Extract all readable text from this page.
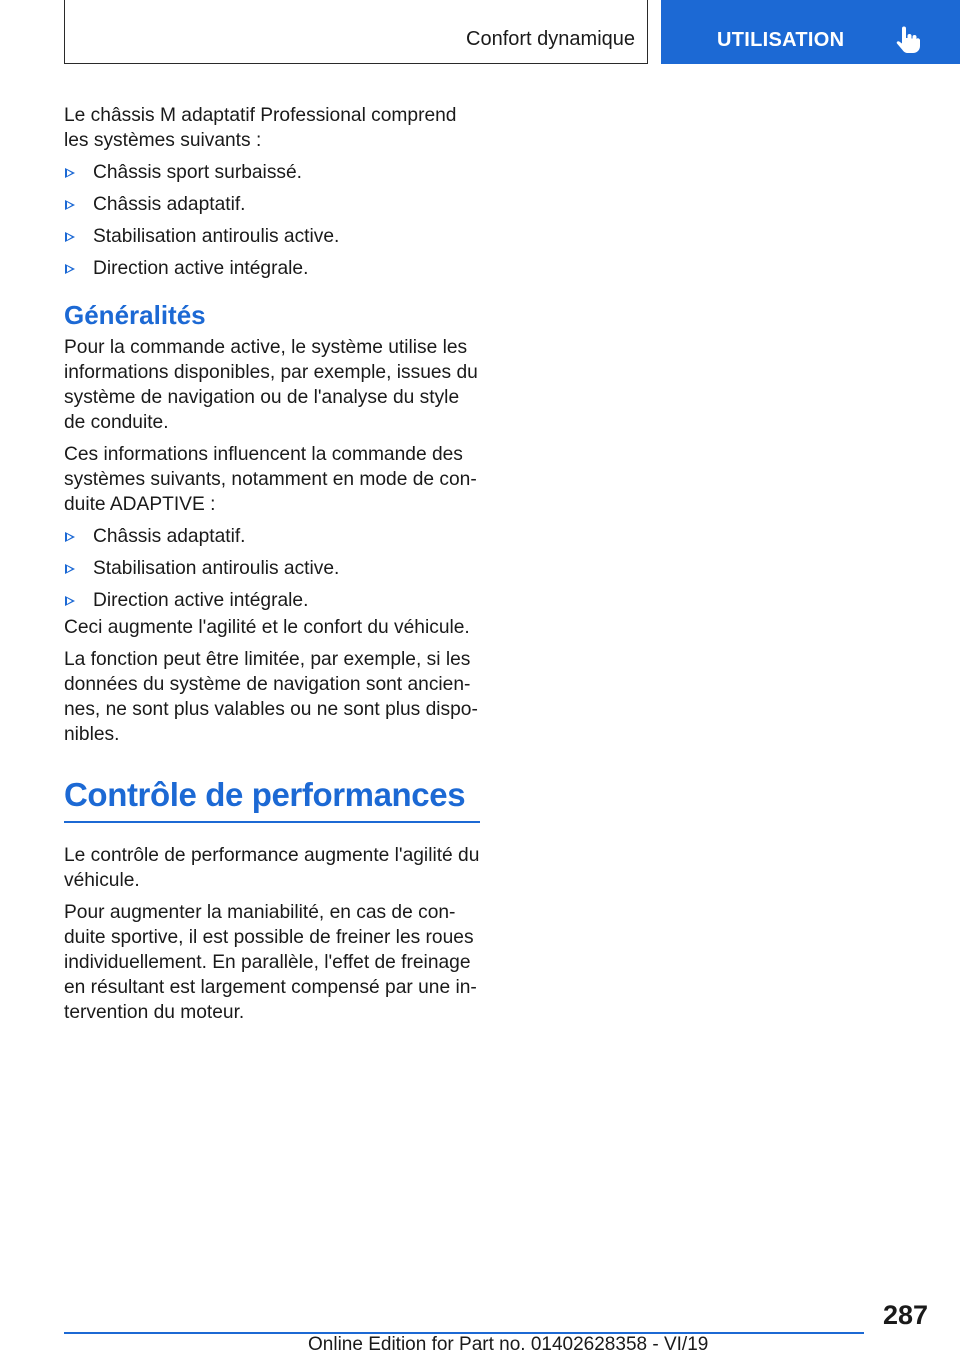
Confort dynamique	UTILISATION

Le châssis M adaptatif Professional comprend les systèmes suivants :

Châssis sport surbaissé.
Châssis adaptatif.
Stabilisation antiroulis active.
Direction active intégrale.
Généralités

Pour la commande active, le système utilise les informations disponibles, par exemple, issues du système de navigation ou de l'analyse du style de conduite.

Ces informations influencent la commande des systèmes suivants, notamment en mode de con‐ duite ADAPTIVE :

Châssis adaptatif.
Stabilisation antiroulis active.
Direction active intégrale.

Ceci augmente l'agilité et le confort du véhicule.

La fonction peut être limitée, par exemple, si les données du système de navigation sont ancien‐ nes, ne sont plus valables ou ne sont plus dispo‐ nibles.

Contrôle de performances

Le contrôle de performance augmente l'agilité du véhicule.

Pour augmenter la maniabilité, en cas de con‐ duite sportive, il est possible de freiner les roues individuellement. En parallèle, l'effet de freinage en résultant est largement compensé par une in‐ tervention du moteur.

287
Online Edition for Part no. 01402628358 - VI/19
